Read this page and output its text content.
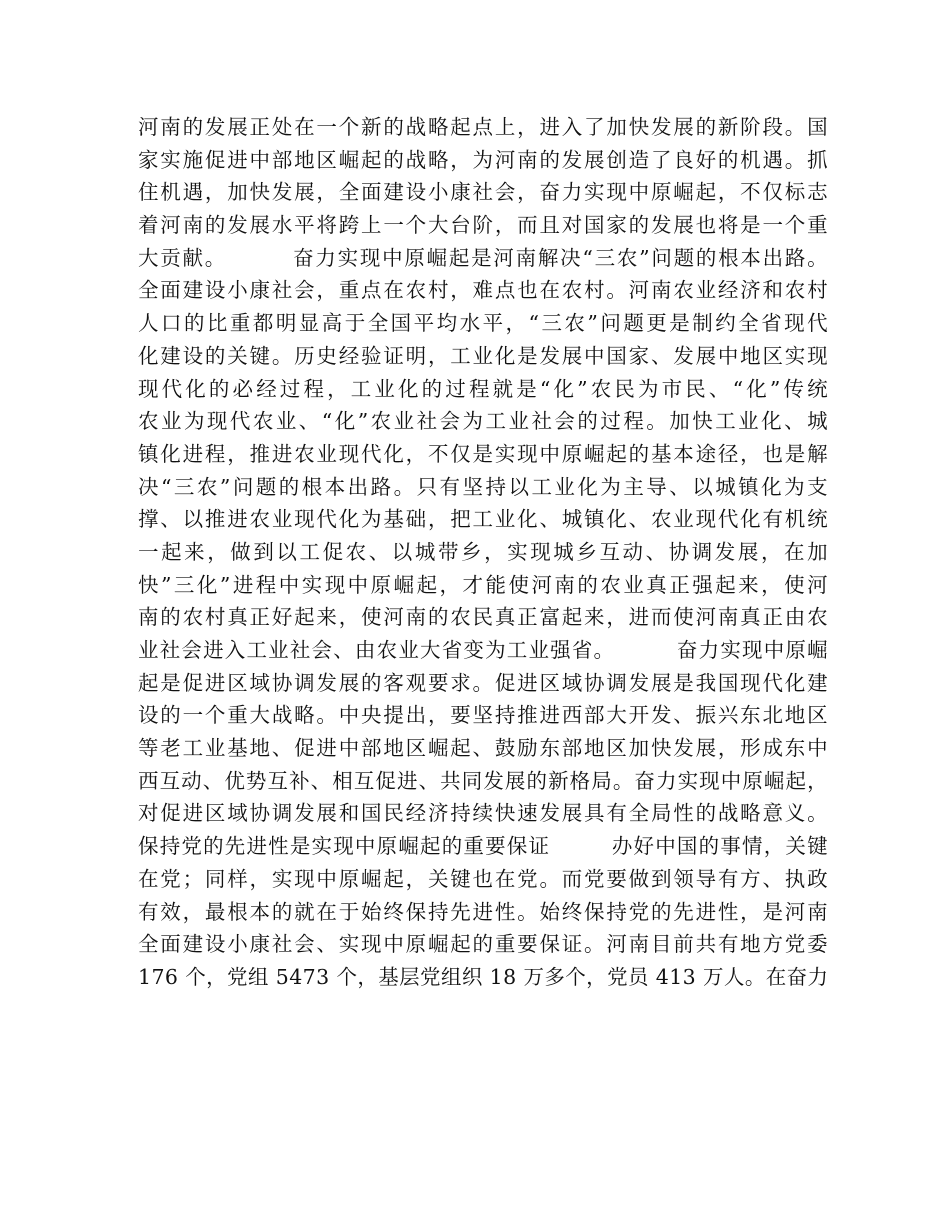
河南的发展正处在一个新的战略起点上，进入了加快发展的新阶段。国
家实施促进中部地区崛起的战略，为河南的发展创造了良好的机遇。抓
住机遇，加快发展，全面建设小康社会，奋力实现中原崛起，不仅标志
着河南的发展水平将跨上一个大台阶，而且对国家的发展也将是一个重
大贡献。        奋力实现中原崛起是河南解决“三农”问题的根本出路。
全面建设小康社会，重点在农村，难点也在农村。河南农业经济和农村
人口的比重都明显高于全国平均水平，“三农”问题更是制约全省现代
化建设的关键。历史经验证明，工业化是发展中国家、发展中地区实现
现代化的必经过程，工业化的过程就是“化”农民为市民、“化”传统
农业为现代农业、“化”农业社会为工业社会的过程。加快工业化、城
镇化进程，推进农业现代化，不仅是实现中原崛起的基本途径，也是解
决“三农”问题的根本出路。只有坚持以工业化为主导、以城镇化为支
撑、以推进农业现代化为基础，把工业化、城镇化、农业现代化有机统
一起来，做到以工促农、以城带乡，实现城乡互动、协调发展，在加
快”三化”进程中实现中原崛起，才能使河南的农业真正强起来，使河
南的农村真正好起来，使河南的农民真正富起来，进而使河南真正由农
业社会进入工业社会、由农业大省变为工业强省。        奋力实现中原崛
起是促进区域协调发展的客观要求。促进区域协调发展是我国现代化建
设的一个重大战略。中央提出，要坚持推进西部大开发、振兴东北地区
等老工业基地、促进中部地区崛起、鼓励东部地区加快发展，形成东中
西互动、优势互补、相互促进、共同发展的新格局。奋力实现中原崛起，
对促进区域协调发展和国民经济持续快速发展具有全局性的战略意义。
保持党的先进性是实现中原崛起的重要保证        办好中国的事情，关键
在党；同样，实现中原崛起，关键也在党。而党要做到领导有方、执政
有效，最根本的就在于始终保持先进性。始终保持党的先进性，是河南
全面建设小康社会、实现中原崛起的重要保证。河南目前共有地方党委
176 个，党组 5473 个，基层党组织 18 万多个，党员 413 万人。在奋力
